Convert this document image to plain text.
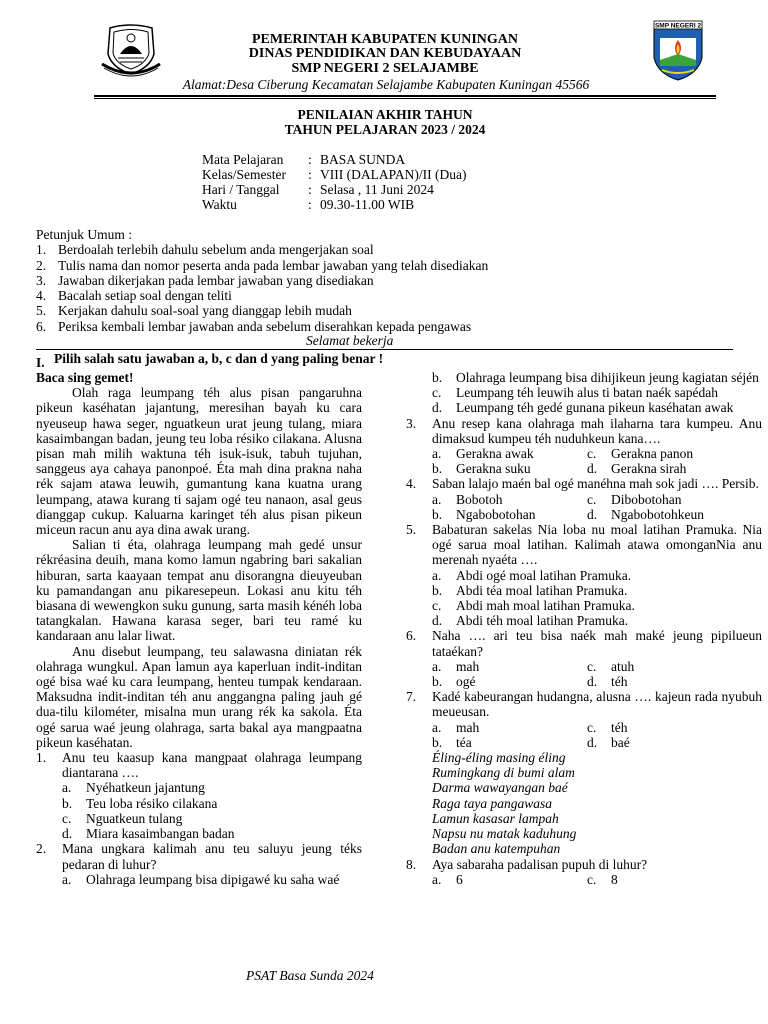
SMP NEGERI 2
PEMERINTAH KABUPATEN KUNINGAN
DINAS PENDIDIKAN DAN KEBUDAYAAN
SMP NEGERI 2 SELAJAMBE
Alamat:Desa Ciberung Kecamatan Selajambe Kabupaten Kuningan 45566
PENILAIAN AKHIR TAHUN
TAHUN PELAJARAN 2023 / 2024
Mata Pelajaran	: BASA SUNDA
Kelas/Semester	: VIII (DALAPAN)/II (Dua)
Hari / Tanggal	: Selasa , 11 Juni 2024
Waktu	: 09.30-11.00 WIB
Petunjuk Umum :
1. Berdoalah terlebih dahulu sebelum anda mengerjakan soal
2. Tulis nama dan nomor peserta anda pada lembar jawaban yang telah disediakan
3. Jawaban dikerjakan pada lembar jawaban yang disediakan
4. Bacalah setiap soal dengan teliti
5. Kerjakan dahulu soal-soal yang dianggap lebih mudah
6. Periksa kembali lembar jawaban anda sebelum diserahkan kepada pengawas
Selamat bekerja
I. Pilih salah satu jawaban a, b, c dan d yang paling benar !
Baca sing gemet!
Olah raga leumpang téh alus pisan pangaruhna pikeun kaséhatan jajantung, meresihan bayah ku cara nyeuseup hawa seger, nguatkeun urat jeung tulang, miara kasaimbangan badan, jeung teu loba résiko cilakana. Alusna pisan mah milih waktuna téh isuk-isuk, tabuh tujuhan, sanggeus aya cahaya panonpoé. Éta mah dina prakna naha rék sajam atawa leuwih, gumantung kana kuatna urang leumpang, atawa kurang ti sajam ogé teu nanaon, asal geus dianggap cukup. Kaluarna karinget téh alus pisan pikeun miceun racun anu aya dina awak urang.
Salian ti éta, olahraga leumpang mah gedé unsur rékréasina deuih, mana komo lamun ngabring bari sakalian hiburan, sarta kaayaan tempat anu disorangna dieuyeuban ku pamandangan anu pikaresepeun. Lokasi anu kitu téh biasana di wewengkon suku gunung, sarta masih kénéh loba tatangkalan. Hawana karasa seger, bari teu ramé ku kandaraan anu lalar liwat.
Anu disebut leumpang, teu salawasna diniatan rék olahraga wungkul. Apan lamun aya kaperluan indit-inditan ogé bisa waé ku cara leumpang, henteu tumpak kendaraan. Maksudna indit-inditan téh anu anggangna paling jauh gé dua-tilu kilométer, misalna mun urang rék ka sakola. Éta ogé sarua waé jeung olahraga, sarta bakal aya mangpaatna pikeun kaséhatan.
1.	Anu teu kaasup kana mangpaat olahraga leumpang diantarana ….
a.	Nyéhatkeun jajantung
b.	Teu loba résiko cilakana
c.	Nguatkeun tulang
d.	Miara kasaimbangan badan
2.	Mana ungkara kalimah anu teu saluyu jeung téks pedaran di luhur?
a.	Olahraga leumpang bisa dipigawé ku saha waé
b.	Olahraga leumpang bisa dihijikeun jeung kagiatan séjén
c.	Leumpang téh leuwih alus ti batan naék sapédah
d.	Leumpang téh gedé gunana pikeun kaséhatan awak
3.	Anu resep kana olahraga mah ilaharna tara kumpeu. Anu dimaksud kumpeu téh nuduhkeun kana….
a.	Gerakna awak	c.	Gerakna panon
b.	Gerakna suku	d.	Gerakna sirah
4.	Saban lalajo maén bal ogé manéhna mah sok jadi …. Persib.
a.	Bobotoh	c.	Dibobotohan
b.	Ngabobotohan	d.	Ngabobotohkeun
5.	Babaturan sakelas Nia loba nu moal latihan Pramuka. Nia ogé sarua moal latihan. Kalimah atawa omonganNia anu merenah nyaéta ….
a.	Abdi ogé moal latihan Pramuka.
b.	Abdi téa moal latihan Pramuka.
c.	Abdi mah moal latihan Pramuka.
d.	Abdi téh moal latihan Pramuka.
6.	Naha …. ari teu bisa naék mah maké jeung pipilueun tataékan?
a.	mah	c.	atuh
b.	ogé	d.	téh
7.	Kadé kabeurangan hudangna, alusna …. kajeun rada nyubuh meueusan.
a.	mah	c.	téh
b.	téa	d.	baé
Éling-éling masing éling
Rumingkang di bumi alam
Darma wawayangan baé
Raga taya pangawasa
Lamun kasasar lampah
Napsu nu matak kaduhung
Badan anu katempuhan
8.	Aya sabaraha padalisan pupuh di luhur?
a.	6	c.	8
PSAT Basa Sunda 2024
